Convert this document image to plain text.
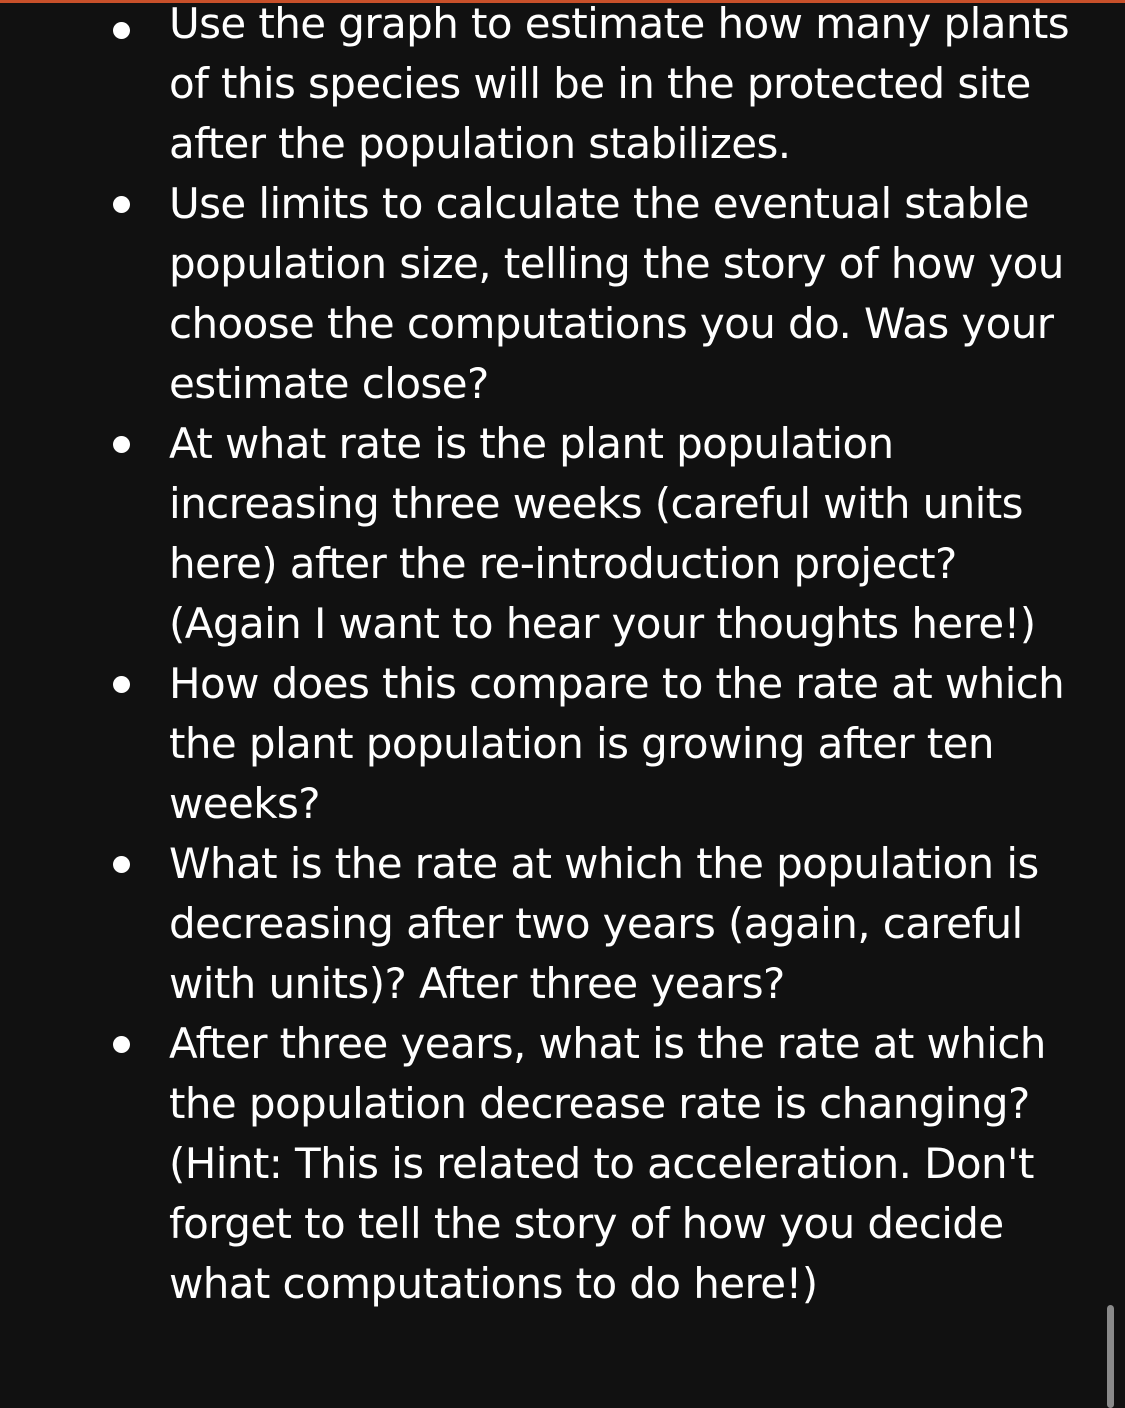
Use the graph to estimate how many plants
of this species will be in the protected site
after the population stabilizes.
Use limits to calculate the eventual stable
population size, telling the story of how you
choose the computations you do. Was your
estimate close?
At what rate is the plant population
increasing three weeks (careful with units
here) after the re-introduction project?
(Again I want to hear your thoughts here!)
How does this compare to the rate at which
the plant population is growing after ten
weeks?
What is the rate at which the population is
decreasing after two years (again, careful
with units)? After three years?
After three years, what is the rate at which
the population decrease rate is changing?
(Hint: This is related to acceleration. Don't
forget to tell the story of how you decide
what computations to do here!)
